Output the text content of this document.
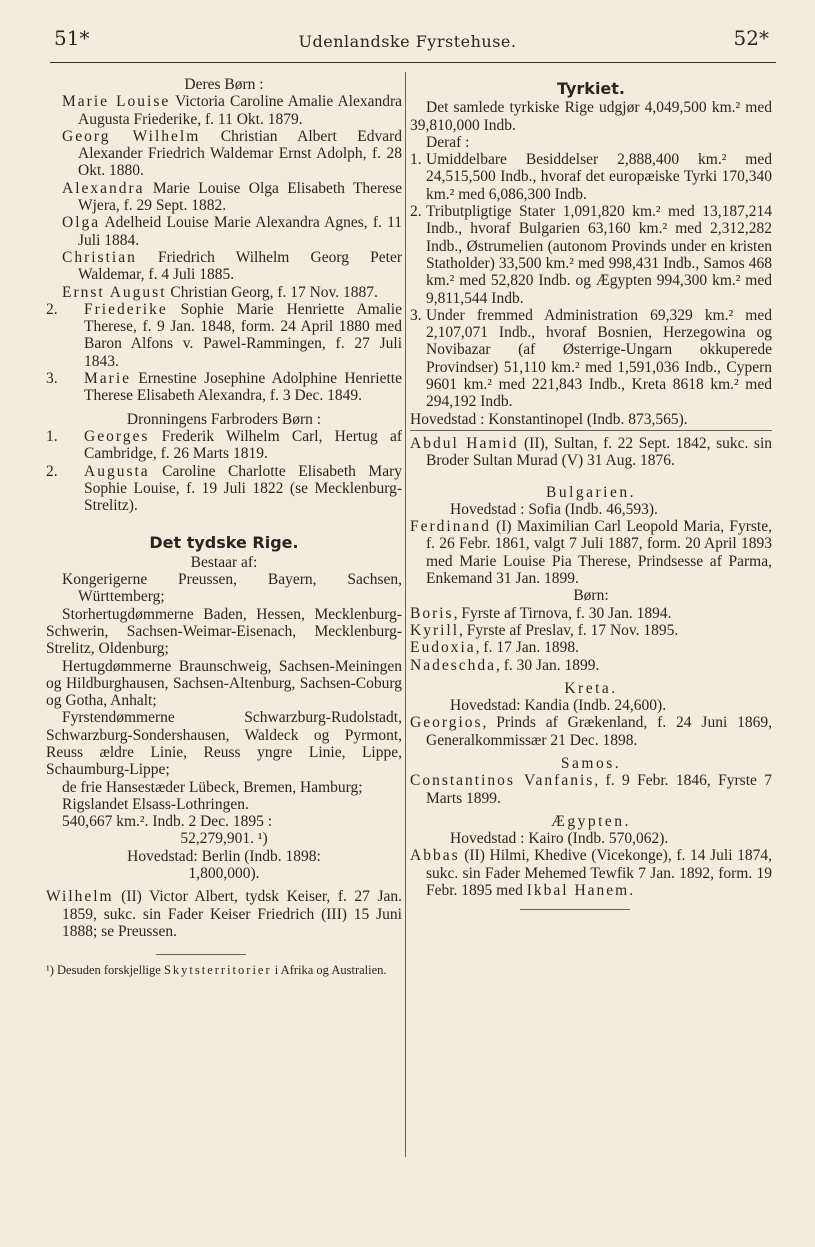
51*	Udenlandske Fyrstehuse.	52*

Deres Børn :

Marie Louise Victoria Caroline Amalie Alexandra Augusta Friederike, f. 11 Okt. 1879.

Georg Wilhelm Christian Albert Edvard Alexander Friedrich Waldemar Ernst Adolph, f. 28 Okt. 1880.

Alexandra Marie Louise Olga Elisabeth Therese Wjera, f. 29 Sept. 1882.

Olga Adelheid Louise Marie Alexandra Agnes, f. 11 Juli 1884.

Christian Friedrich Wilhelm Georg Peter Waldemar, f. 4 Juli 1885.

Ernst August Christian Georg, f. 17 Nov. 1887.

2. Friederike Sophie Marie Henriette Amalie Therese, f. 9 Jan. 1848, form. 24 April 1880 med Baron Alfons v. Pawel-Rammingen, f. 27 Juli 1843.

3. Marie Ernestine Josephine Adolphine Henriette Therese Elisabeth Alexandra, f. 3 Dec. 1849.

Dronningens Farbroders Børn :

1. Georges Frederik Wilhelm Carl, Hertug af Cambridge, f. 26 Marts 1819.

2. Augusta Caroline Charlotte Elisabeth Mary Sophie Louise, f. 19 Juli 1822 (se Mecklenburg-Strelitz).

Det tydske Rige.

Bestaar af:

Kongerigerne Preussen, Bayern, Sachsen, Württemberg;

Storhertugdømmerne Baden, Hessen, Mecklenburg-Schwerin, Sachsen-Weimar-Eisenach, Mecklenburg-Strelitz, Oldenburg;

Hertugdømmerne Braunschweig, Sachsen-Meiningen og Hildburghausen, Sachsen-Altenburg, Sachsen-Coburg og Gotha, Anhalt;

Fyrstendømmerne Schwarzburg-Rudolstadt, Schwarzburg-Sondershausen, Waldeck og Pyrmont, Reuss ældre Linie, Reuss yngre Linie, Lippe, Schaumburg-Lippe;

de frie Hansestæder Lübeck, Bremen, Hamburg;

Rigslandet Elsass-Lothringen.

540,667 km.². Indb. 2 Dec. 1895 :

52,279,901. ¹)

Hovedstad: Berlin (Indb. 1898:

1,800,000).

Wilhelm (II) Victor Albert, tydsk Keiser, f. 27 Jan. 1859, sukc. sin Fader Keiser Friedrich (III) 15 Juni 1888; se Preussen.

¹) Desuden forskjellige Skytsterritorier i Afrika og Australien.

Tyrkiet.

Det samlede tyrkiske Rige udgjør 4,049,500 km.² med 39,810,000 Indb.

Deraf :

1. Umiddelbare Besiddelser 2,888,400 km.² med 24,515,500 Indb., hvoraf det europæiske Tyrki 170,340 km.² med 6,086,300 Indb.

2. Tributpligtige Stater 1,091,820 km.² med 13,187,214 Indb., hvoraf Bulgarien 63,160 km.² med 2,312,282 Indb., Østrumelien (autonom Provinds under en kristen Statholder) 33,500 km.² med 998,431 Indb., Samos 468 km.² med 52,820 Indb. og Ægypten 994,300 km.² med 9,811,544 Indb.

3. Under fremmed Administration 69,329 km.² med 2,107,071 Indb., hvoraf Bosnien, Herzegowina og Novibazar (af Østerrige-Ungarn okkuperede Provindser) 51,110 km.² med 1,591,036 Indb., Cypern 9601 km.² med 221,843 Indb., Kreta 8618 km.² med 294,192 Indb.

Hovedstad : Konstantinopel (Indb. 873,565).

Abdul Hamid (II), Sultan, f. 22 Sept. 1842, sukc. sin Broder Sultan Murad (V) 31 Aug. 1876.

Bulgarien.

Hovedstad : Sofia (Indb. 46,593).

Ferdinand (I) Maximilian Carl Leopold Maria, Fyrste, f. 26 Febr. 1861, valgt 7 Juli 1887, form. 20 April 1893 med Marie Louise Pia Therese, Prindsesse af Parma, Enkemand 31 Jan. 1899.

Børn:

Boris, Fyrste af Tirnova, f. 30 Jan. 1894.

Kyrill, Fyrste af Preslav, f. 17 Nov. 1895.

Eudoxia, f. 17 Jan. 1898.

Nadeschda, f. 30 Jan. 1899.

Kreta.

Hovedstad: Kandia (Indb. 24,600).

Georgios, Prinds af Grækenland, f. 24 Juni 1869, Generalkommissær 21 Dec. 1898.

Samos.

Constantinos Vanfanis, f. 9 Febr. 1846, Fyrste 7 Marts 1899.

Ægypten.

Hovedstad : Kairo (Indb. 570,062).

Abbas (II) Hilmi, Khedive (Vicekonge), f. 14 Juli 1874, sukc. sin Fader Mehemed Tewfik 7 Jan. 1892, form. 19 Febr. 1895 med Ikbal Hanem.
